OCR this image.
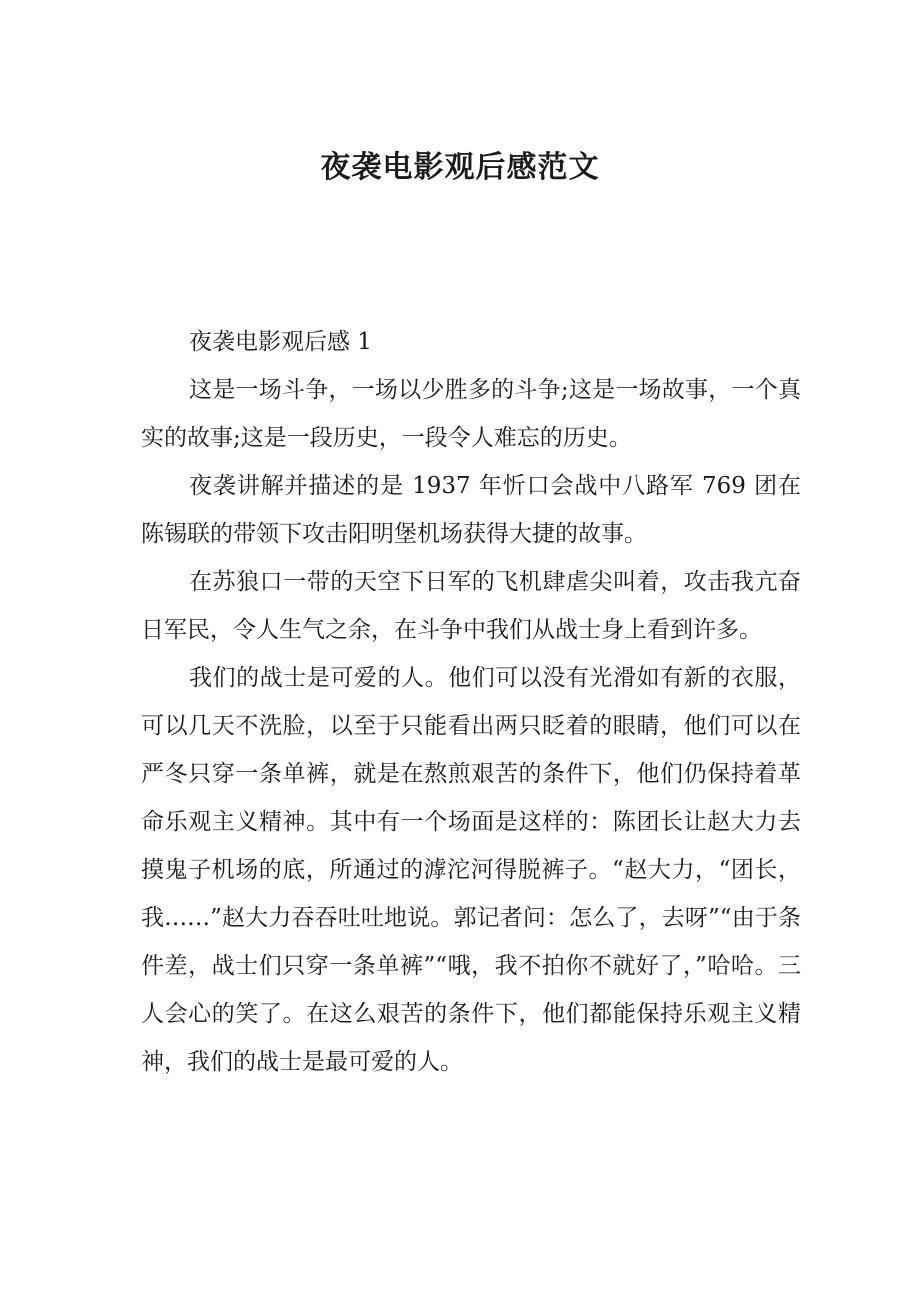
夜袭电影观后感范文

夜袭电影观后感 1

这是一场斗争，一场以少胜多的斗争;这是一场故事，一个真实的故事;这是一段历史，一段令人难忘的历史。

夜袭讲解并描述的是 1937 年忻口会战中八路军 769 团在陈锡联的带领下攻击阳明堡机场获得大捷的故事。

在苏狼口一带的天空下日军的飞机肆虐尖叫着，攻击我亢奋日军民，令人生气之余，在斗争中我们从战士身上看到许多。

我们的战士是可爱的人。他们可以没有光滑如有新的衣服，可以几天不洗脸，以至于只能看出两只眨着的眼睛，他们可以在严冬只穿一条单裤，就是在熬煎艰苦的条件下，他们仍保持着革命乐观主义精神。其中有一个场面是这样的：陈团长让赵大力去摸鬼子机场的底，所通过的滹沱河得脱裤子。“赵大力，“团长，我……”赵大力吞吞吐吐地说。郭记者问：怎么了，去呀”“由于条件差，战士们只穿一条单裤”“哦，我不拍你不就好了，”哈哈。三人会心的笑了。在这么艰苦的条件下，他们都能保持乐观主义精神，我们的战士是最可爱的人。
